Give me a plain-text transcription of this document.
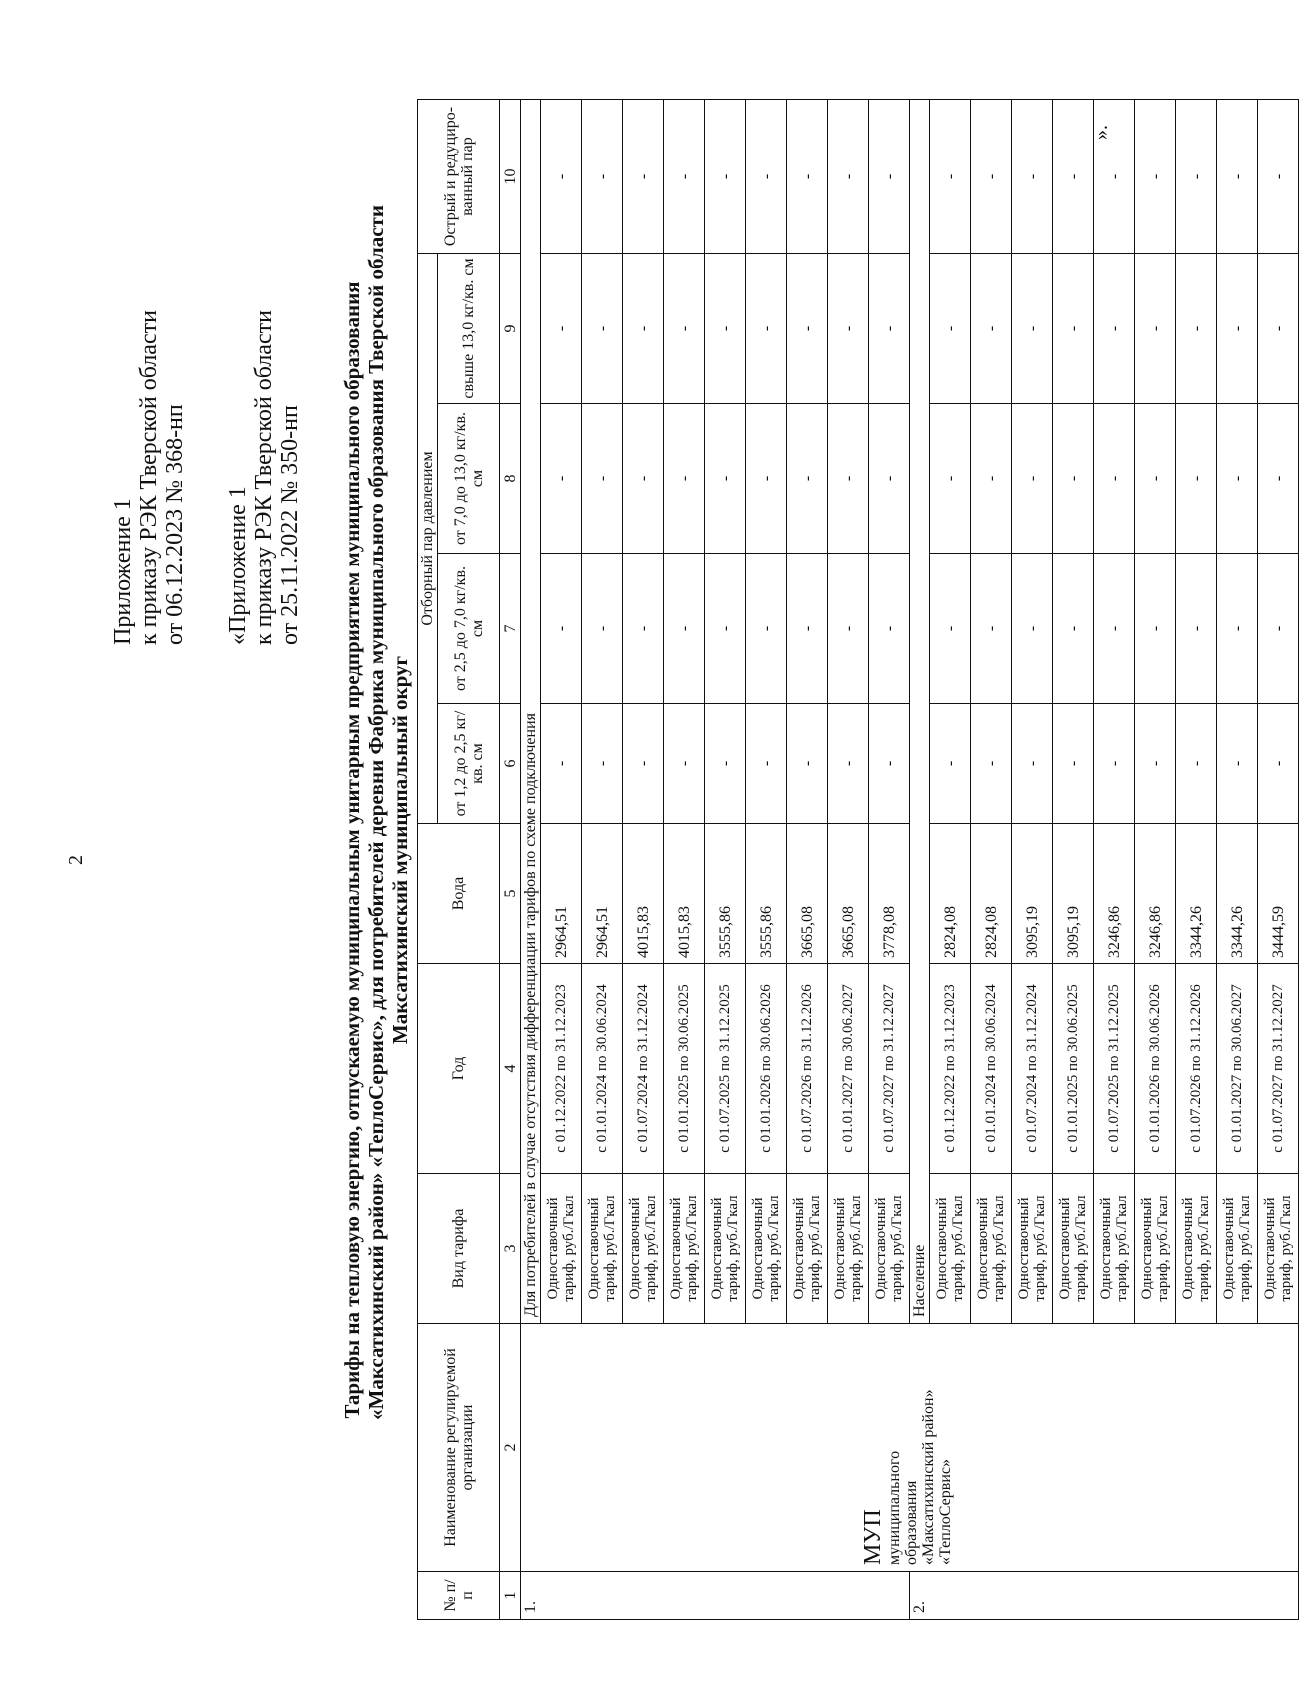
2
Приложение 1 к приказу РЭК Тверской области от 06.12.2023 № 368-нп «Приложение 1 к приказу РЭК Тверской области от 25.11.2022 № 350-нп Тарифы на тепловую энергию, отпускаемую муниципальным унитарным предприятием муниципального образования «Максатихинский район» «ТеплоСервис», для потребителей деревни Фабрика муниципального образования Тверской области Максатихинский муниципальный округ
№ п/ п	Наименование регулируемой организации	Вид тарифа	Год	Вода	Отборный пар давлением				Острый и редуциро-ванный пар
					от 1,2 до 2,5 кг/кв. см	от 2,5 до 7,0 кг/кв. см	от 7,0 до 13,0 кг/кв. см	свыше 13,0 кг/кв. см	
1	2	3	4	5	6	7	8	9	10
1.	МУП муниципального образования «Максатихинский район» «ТеплоСервис»	Для потребителей в случае отсутствия дифференциации тарифов по схеме подключения							

		Одноставочный тариф, руб./Гкал	с 01.12.2022 по 31.12.2023	2964,51	-	-	-	-	-

		Одноставочный тариф, руб./Гкал	с 01.01.2024 по 30.06.2024	2964,51	-	-	-	-	-

		Одноставочный тариф, руб./Гкал	с 01.07.2024 по 31.12.2024	4015,83	-	-	-	-	-

		Одноставочный тариф, руб./Гкал	с 01.01.2025 по 30.06.2025	4015,83	-	-	-	-	-

		Одноставочный тариф, руб./Гкал	с 01.07.2025 по 31.12.2025	3555,86	-	-	-	-	-

		Одноставочный тариф, руб./Гкал	с 01.01.2026 по 30.06.2026	3555,86	-	-	-	-	-

		Одноставочный тариф, руб./Гкал	с 01.07.2026 по 31.12.2026	3665,08	-	-	-	-	-

		Одноставочный тариф, руб./Гкал	с 01.01.2027 по 30.06.2027	3665,08	-	-	-	-	-

		Одноставочный тариф, руб./Гкал	с 01.07.2027 по 31.12.2027	3778,08	-	-	-	-	-
2.		Население							

		Одноставочный тариф, руб./Гкал	с 01.12.2022 по 31.12.2023	2824,08	-	-	-	-	-

		Одноставочный тариф, руб./Гкал	с 01.01.2024 по 30.06.2024	2824,08	-	-	-	-	-

		Одноставочный тариф, руб./Гкал	с 01.07.2024 по 31.12.2024	3095,19	-	-	-	-	-

		Одноставочный тариф, руб./Гкал	с 01.01.2025 по 30.06.2025	3095,19	-	-	-	-	-

		Одноставочный тариф, руб./Гкал	с 01.07.2025 по 31.12.2025	3246,86	-	-	-	-	-

		Одноставочный тариф, руб./Гкал	с 01.01.2026 по 30.06.2026	3246,86	-	-	-	-	-

		Одноставочный тариф, руб./Гкал	с 01.07.2026 по 31.12.2026	3344,26	-	-	-	-	-

		Одноставочный тариф, руб./Гкал	с 01.01.2027 по 30.06.2027	3344,26	-	-	-	-	-

		Одноставочный тариф, руб./Гкал	с 01.07.2027 по 31.12.2027	3444,59	-	-	-	-	-
».
